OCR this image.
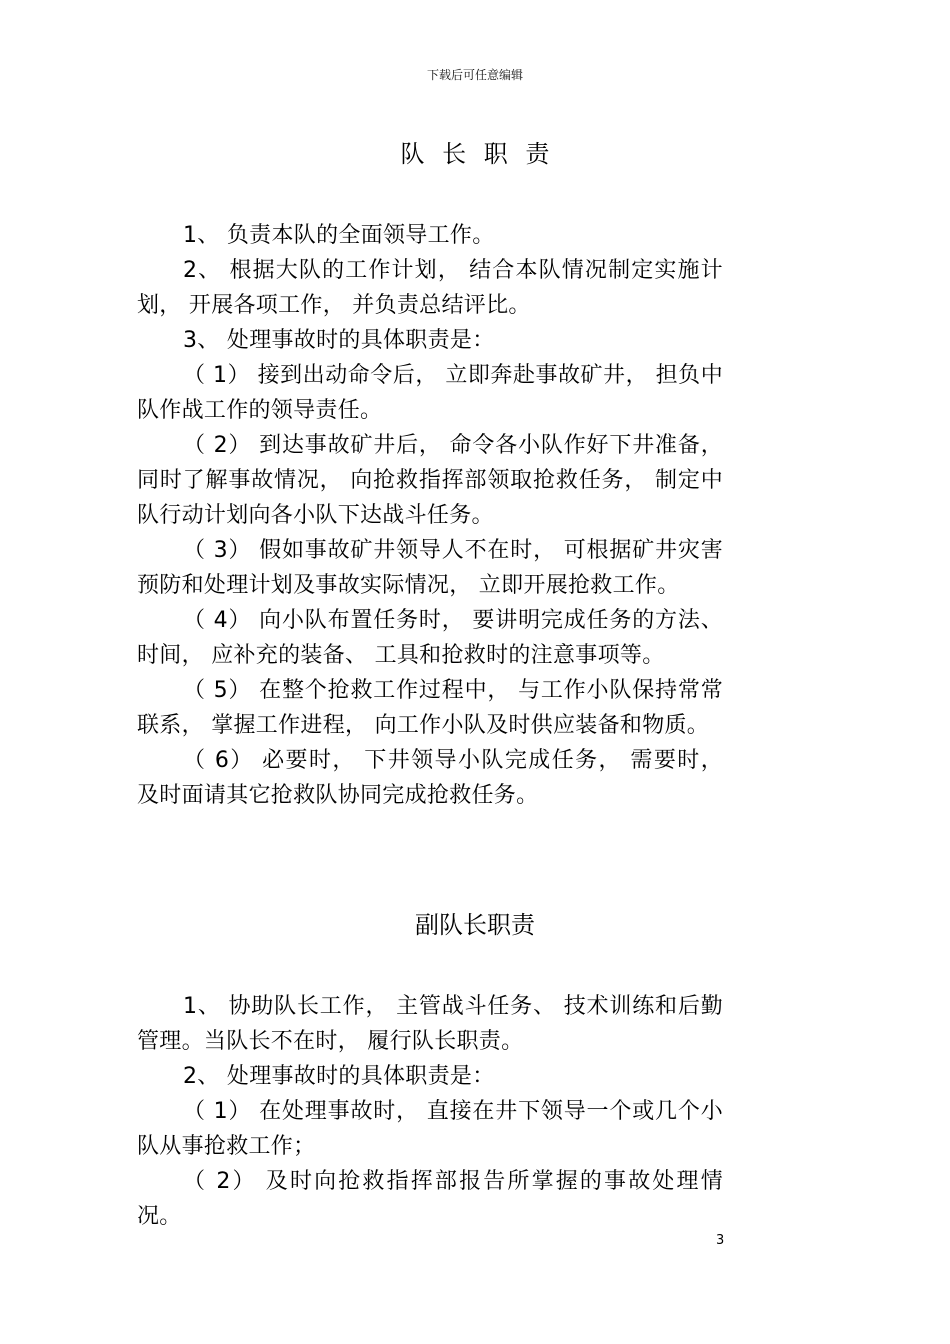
下载后可任意编辑
队 长 职 责

1、 负责本队的全面领导工作。

2、 根据大队的工作计划， 结合本队情况制定实施计划， 开展各项工作， 并负责总结评比。

3、 处理事故时的具体职责是：

（ 1） 接到出动命令后， 立即奔赴事故矿井， 担负中队作战工作的领导责任。

（ 2） 到达事故矿井后， 命令各小队作好下井准备， 同时了解事故情况， 向抢救指挥部领取抢救任务， 制定中队行动计划向各小队下达战斗任务。

（ 3） 假如事故矿井领导人不在时， 可根据矿井灾害预防和处理计划及事故实际情况， 立即开展抢救工作。

（ 4） 向小队布置任务时， 要讲明完成任务的方法、 时间， 应补充的装备、 工具和抢救时的注意事项等。

（ 5） 在整个抢救工作过程中， 与工作小队保持常常联系， 掌握工作进程， 向工作小队及时供应装备和物质。

（ 6） 必要时， 下井领导小队完成任务， 需要时， 及时面请其它抢救队协同完成抢救任务。

副队长职责

1、 协助队长工作， 主管战斗任务、 技术训练和后勤管理。当队长不在时， 履行队长职责。

2、 处理事故时的具体职责是：

（ 1） 在处理事故时， 直接在井下领导一个或几个小队从事抢救工作；

（ 2） 及时向抢救指挥部报告所掌握的事故处理情况。

3
